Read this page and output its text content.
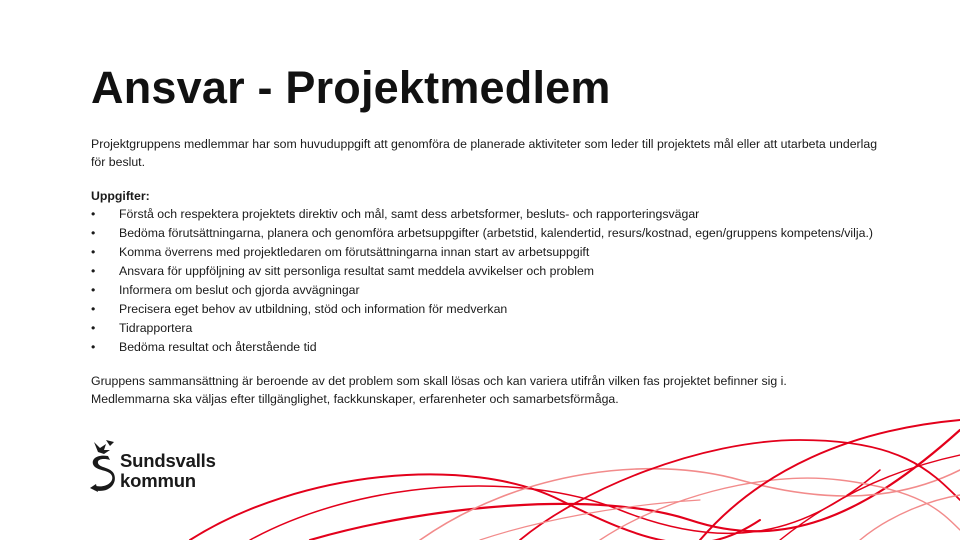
Ansvar - Projektmedlem

Projektgruppens medlemmar har som huvuduppgift att genomföra de planerade aktiviteter som leder till projektets mål eller att utarbeta underlag för beslut.

Uppgifter:

• Förstå och respektera projektets direktiv och mål, samt dess arbetsformer, besluts- och rapporteringsvägar
• Bedöma förutsättningarna, planera och genomföra arbetsuppgifter (arbetstid, kalendertid, resurs/kostnad, egen/gruppens kompetens/vilja.)
• Komma överrens med projektledaren om förutsättningarna innan start av arbetsuppgift
• Ansvara för uppföljning av sitt personliga resultat samt meddela avvikelser och problem
• Informera om beslut och gjorda avvägningar
• Precisera eget behov av utbildning, stöd och information för medverkan
• Tidrapportera
• Bedöma resultat och återstående tid

Gruppens sammansättning är beroende av det problem som skall lösas och kan variera utifrån vilken fas projektet befinner sig i.

Medlemmarna ska väljas efter tillgänglighet, fackkunskaper, erfarenheter och samarbetsförmåga.

Sundsvalls
kommun
